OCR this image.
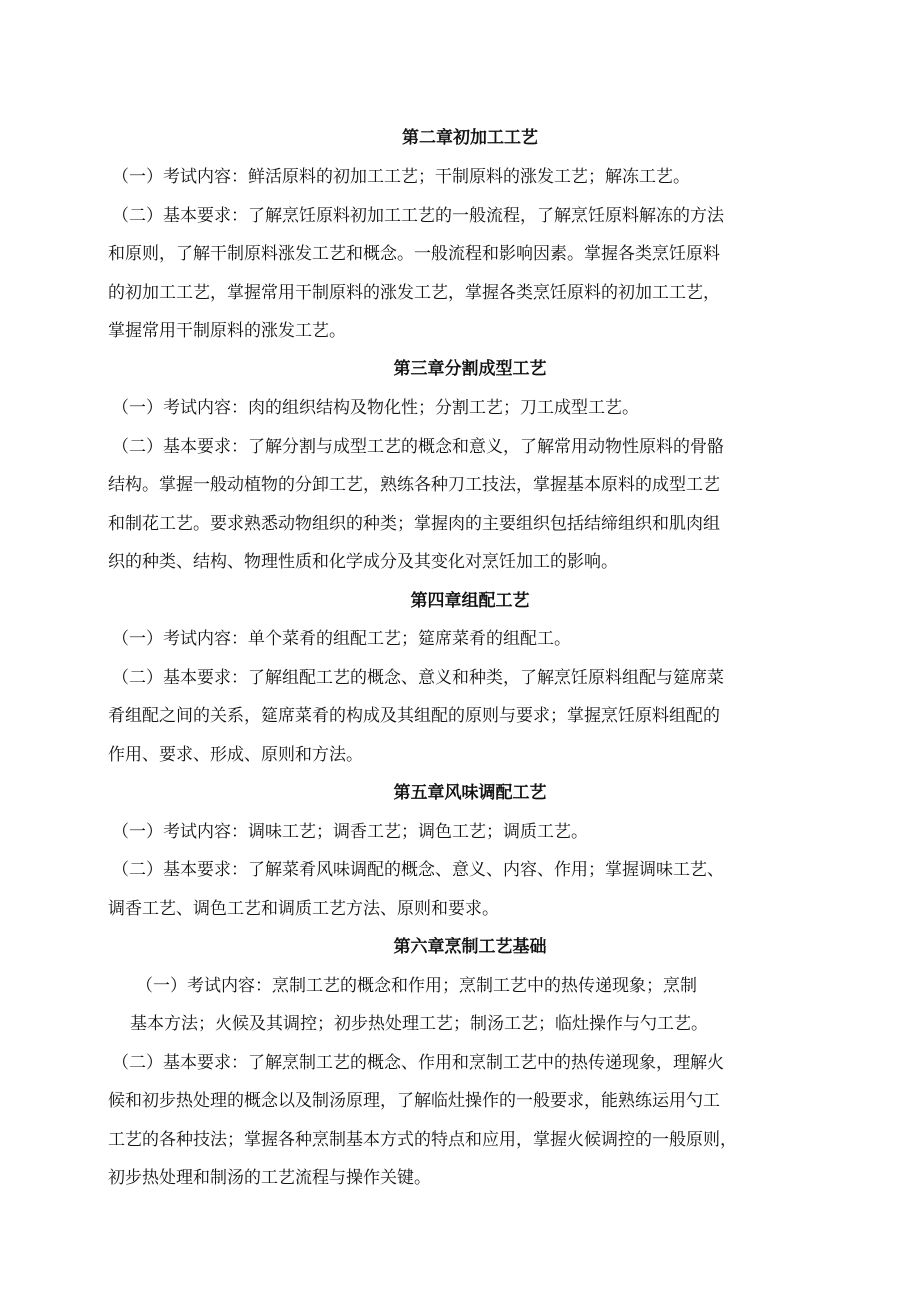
第二章初加工工艺
（一）考试内容：鲜活原料的初加工工艺；干制原料的涨发工艺；解冻工艺。
（二）基本要求：了解烹饪原料初加工工艺的一般流程，了解烹饪原料解冻的方法
和原则，了解干制原料涨发工艺和概念。一般流程和影响因素。掌握各类烹饪原料
的初加工工艺，掌握常用干制原料的涨发工艺，掌握各类烹饪原料的初加工工艺，
掌握常用干制原料的涨发工艺。
第三章分割成型工艺
（一）考试内容：肉的组织结构及物化性；分割工艺；刀工成型工艺。
（二）基本要求：了解分割与成型工艺的概念和意义，了解常用动物性原料的骨骼
结构。掌握一般动植物的分卸工艺，熟练各种刀工技法，掌握基本原料的成型工艺
和制花工艺。要求熟悉动物组织的种类；掌握肉的主要组织包括结缔组织和肌肉组
织的种类、结构、物理性质和化学成分及其变化对烹饪加工的影响。
第四章组配工艺
（一）考试内容：单个菜肴的组配工艺；筵席菜肴的组配工。
（二）基本要求：了解组配工艺的概念、意义和种类，了解烹饪原料组配与筵席菜
肴组配之间的关系，筵席菜肴的构成及其组配的原则与要求；掌握烹饪原料组配的
作用、要求、形成、原则和方法。
第五章风味调配工艺
（一）考试内容：调味工艺；调香工艺；调色工艺；调质工艺。
（二）基本要求：了解菜肴风味调配的概念、意义、内容、作用；掌握调味工艺、
调香工艺、调色工艺和调质工艺方法、原则和要求。
第六章烹制工艺基础
（一）考试内容：烹制工艺的概念和作用；烹制工艺中的热传递现象；烹制
基本方法；火候及其调控；初步热处理工艺；制汤工艺；临灶操作与勺工艺。
（二）基本要求：了解烹制工艺的概念、作用和烹制工艺中的热传递现象，理解火
候和初步热处理的概念以及制汤原理，了解临灶操作的一般要求，能熟练运用勺工
工艺的各种技法；掌握各种烹制基本方式的特点和应用，掌握火候调控的一般原则，
初步热处理和制汤的工艺流程与操作关键。
